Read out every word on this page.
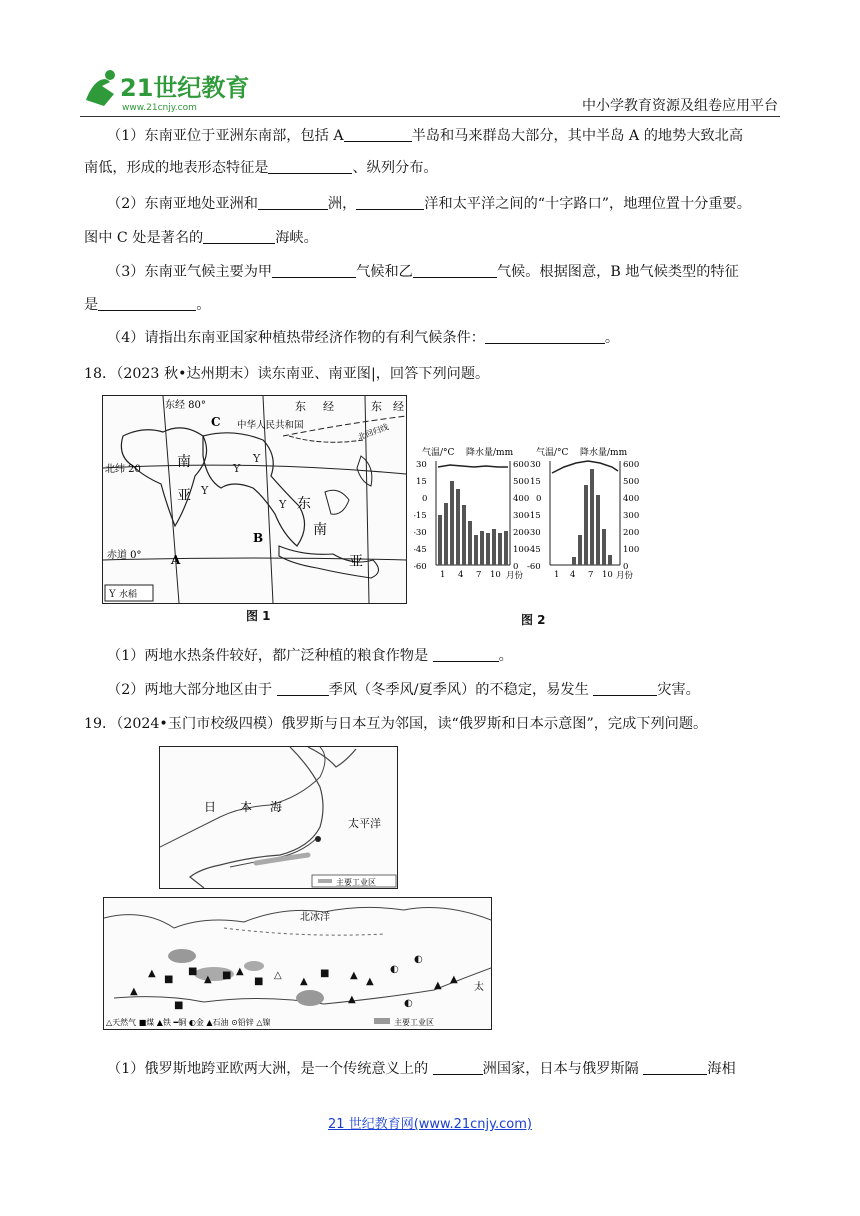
21世纪教育
www.21cnjy.com	中小学教育资源及组卷应用平台
（1）东南亚位于亚洲东南部，包括 A	半岛和马来群岛大部分，其中半岛 A 的地势大致北高
南低，形成的地表形态特征是	、纵列分布。
（2）东南亚地处亚洲和	洲，	洋和太平洋之间的“十字路口”，地理位置十分重要。
图中 C 处是著名的	海峡。
（3）东南亚气候主要为甲	气候和乙	气候。根据图意，B 地气候类型的特征
是	。
（4）请指出东南亚国家种植热带经济作物的有利气候条件：	。
18．（2023 秋•达州期末）读东南亚、南亚图|，回答下列问题。
Y
Y
Y
Y
东经 80°
C 中华人民共和国
东 经	东 经
北回归线
北纬 20	南
亚	东
南
亚
B
A
赤道 0°
Y 水稻
图 1
气温/°C 降水量/mm
30
15
0
-15
-30
-45
-60
600
500
400
300
200
100
0
1 4 7 10 月份
气温/°C 降水量/mm
30
15
0
-15
-30
-45
-60
600
500
400
300
200
100
0
1 4 7 10 月份
图 2
（1）两地水热条件较好，都广泛种植的粮食作物是	。
（2）两地大部分地区由于	季风（冬季风/夏季风）的不稳定，易发生	灾害。
19．（2024•玉门市校级四模）俄罗斯与日本互为邻国，读“俄罗斯和日本示意图”，完成下列问题。
日 本 海
太平洋
主要工业区
▲
■
■
▲ ■ ▲
■
△
▲
■ ▲
▲
◐
◐
▲
▲
▲
■
▲	◐
北冰洋
太
△天然气 ■煤 ▲铁 ━铜 ◐金 ▲石油 ⊙铅锌 △镍	主要工业区
（1）俄罗斯地跨亚欧两大洲，是一个传统意义上的	洲国家，日本与俄罗斯隔	海相
21 世纪教育网(www.21cnjy.com)
